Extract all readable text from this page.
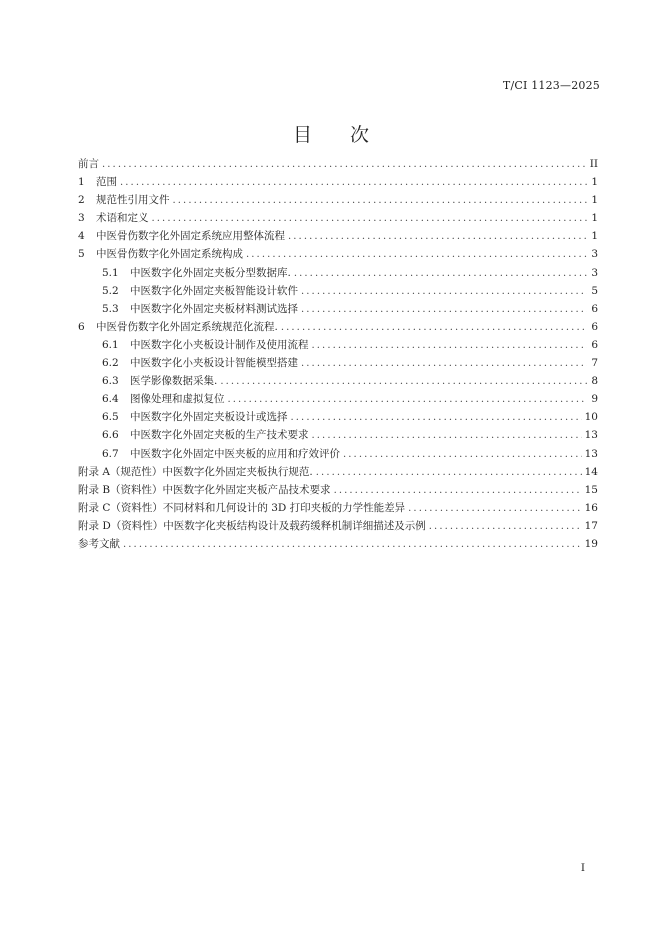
T/CI 1123—2025
目　　次
前言 .....	II
1	范围 .....	1
2	规范性引用文件 .....	1
3	术语和定义 .....	1
4	中医骨伤数字化外固定系统应用整体流程 .....	1
5	中医骨伤数字化外固定系统构成 .....	3
5.1	中医数字化外固定夹板分型数据库. .....	3
5.2	中医数字化外固定夹板智能设计软件 .....	5
5.3	中医数字化外固定夹板材料测试选择 .....	6
6	中医骨伤数字化外固定系统规范化流程. .....	6
6.1	中医数字化小夹板设计制作及使用流程 .....	6
6.2	中医数字化小夹板设计智能模型搭建 .....	7
6.3	医学影像数据采集. .....	8
6.4	图像处理和虚拟复位 .....	9
6.5	中医数字化外固定夹板设计或选择 .....	10
6.6	中医数字化外固定夹板的生产技术要求 .....	13
6.7	中医数字化外固定中医夹板的应用和疗效评价 .....	13
附录 A（规范性）中医数字化外固定夹板执行规范. .....	14
附录 B（资料性）中医数字化外固定夹板产品技术要求 .....	15
附录 C（资料性）不同材料和几何设计的 3D 打印夹板的力学性能差异 .....	16
附录 D（资料性）中医数字化夹板结构设计及载药缓释机制详细描述及示例 .....	17
参考文献 .....	19
I
